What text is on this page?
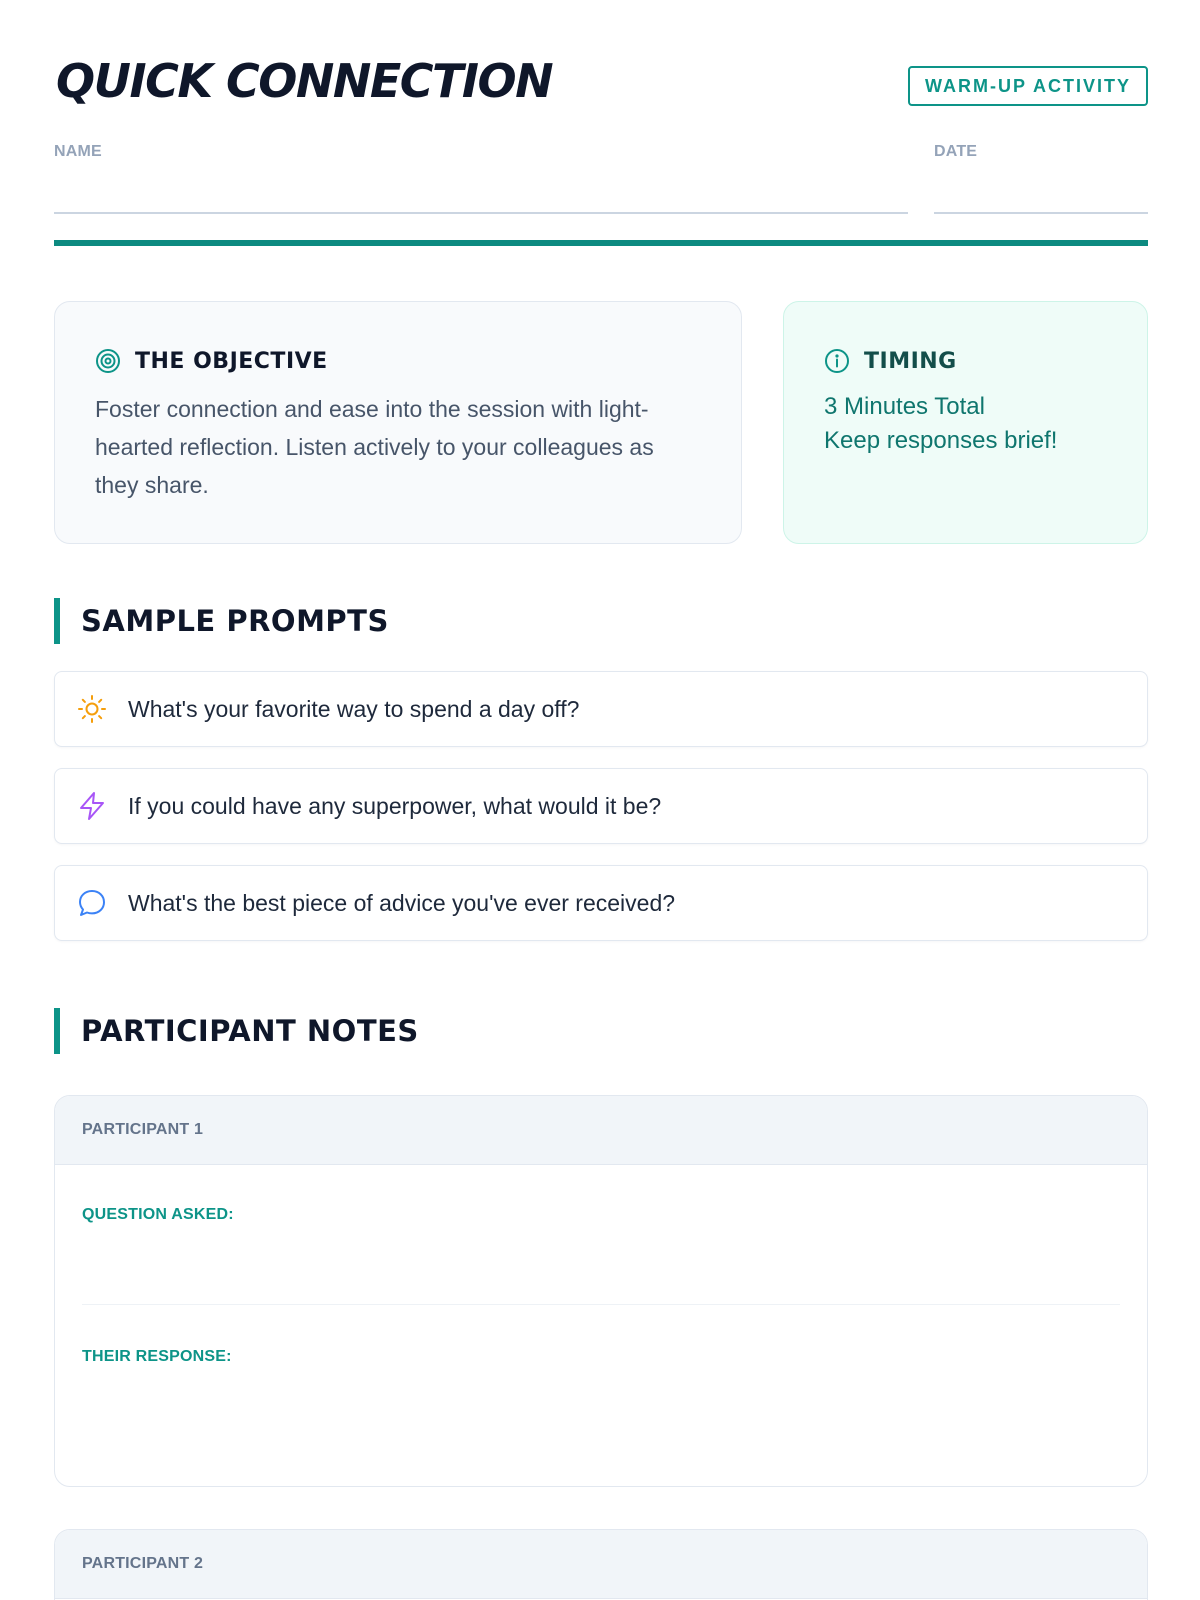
QUICK CONNECTION	WARM-UP ACTIVITY
NAME	DATE
THE OBJECTIVE

Foster connection and ease into the session with light-hearted reflection. Listen actively to your colleagues as they share.

TIMING
3 Minutes Total
Keep responses brief!
SAMPLE PROMPTS
What's your favorite way to spend a day off?
If you could have any superpower, what would it be?
What's the best piece of advice you've ever received?
PARTICIPANT NOTES
PARTICIPANT 1
QUESTION ASKED:
THEIR RESPONSE:
PARTICIPANT 2
